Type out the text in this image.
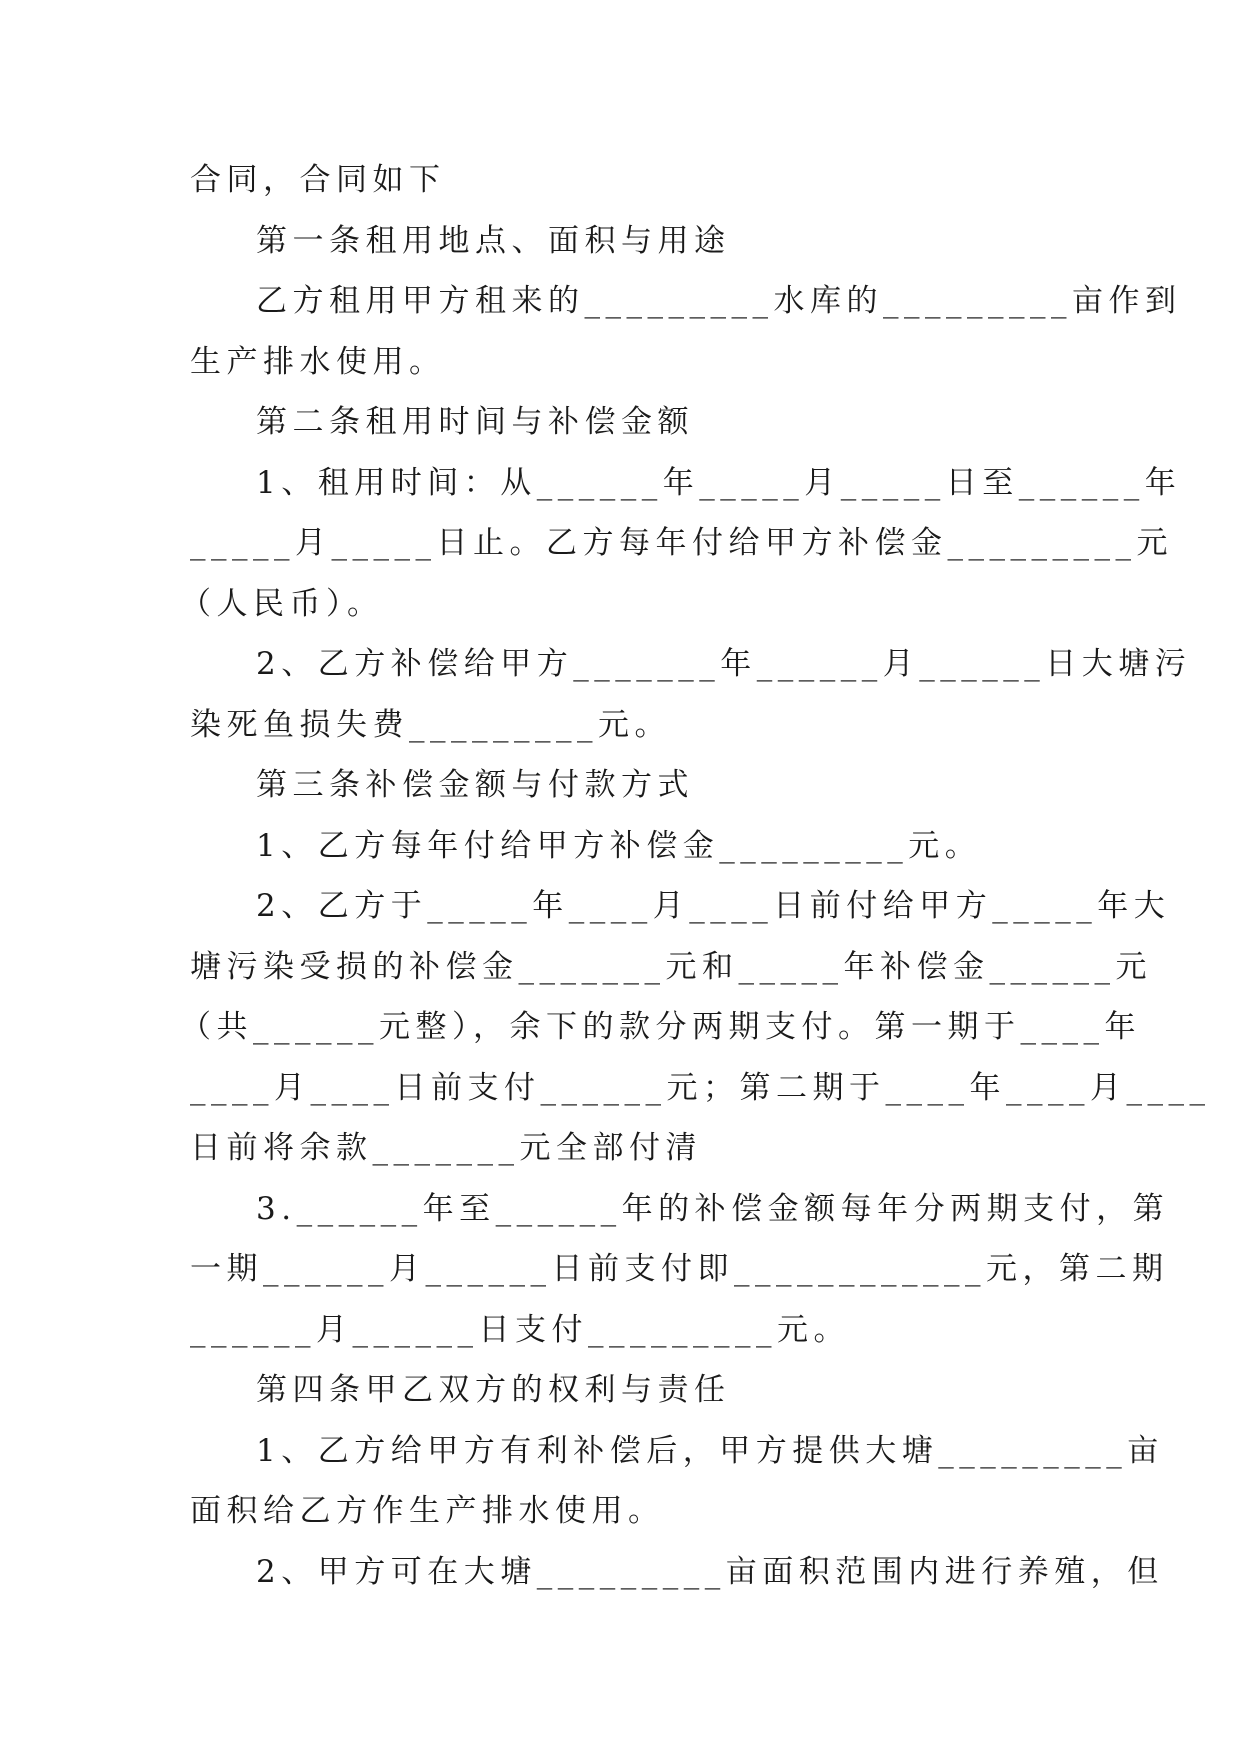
合同，合同如下
第一条租用地点、面积与用途
乙方租用甲方租来的_________水库的_________亩作到
生产排水使用。
第二条租用时间与补偿金额
1、租用时间：从______年_____月_____日至______年
_____月_____日止。乙方每年付给甲方补偿金_________元
（人民币）。
2、乙方补偿给甲方_______年______月______日大塘污
染死鱼损失费_________元。
第三条补偿金额与付款方式
1、乙方每年付给甲方补偿金_________元。
2、乙方于_____年____月____日前付给甲方_____年大
塘污染受损的补偿金_______元和_____年补偿金______元
（共______元整），余下的款分两期支付。第一期于____年
____月____日前支付______元；第二期于____年____月____
日前将余款_______元全部付清
3.______年至______年的补偿金额每年分两期支付，第
一期______月______日前支付即____________元，第二期
______月______日支付_________元。
第四条甲乙双方的权利与责任
1、乙方给甲方有利补偿后，甲方提供大塘_________亩
面积给乙方作生产排水使用。
2、甲方可在大塘_________亩面积范围内进行养殖，但
